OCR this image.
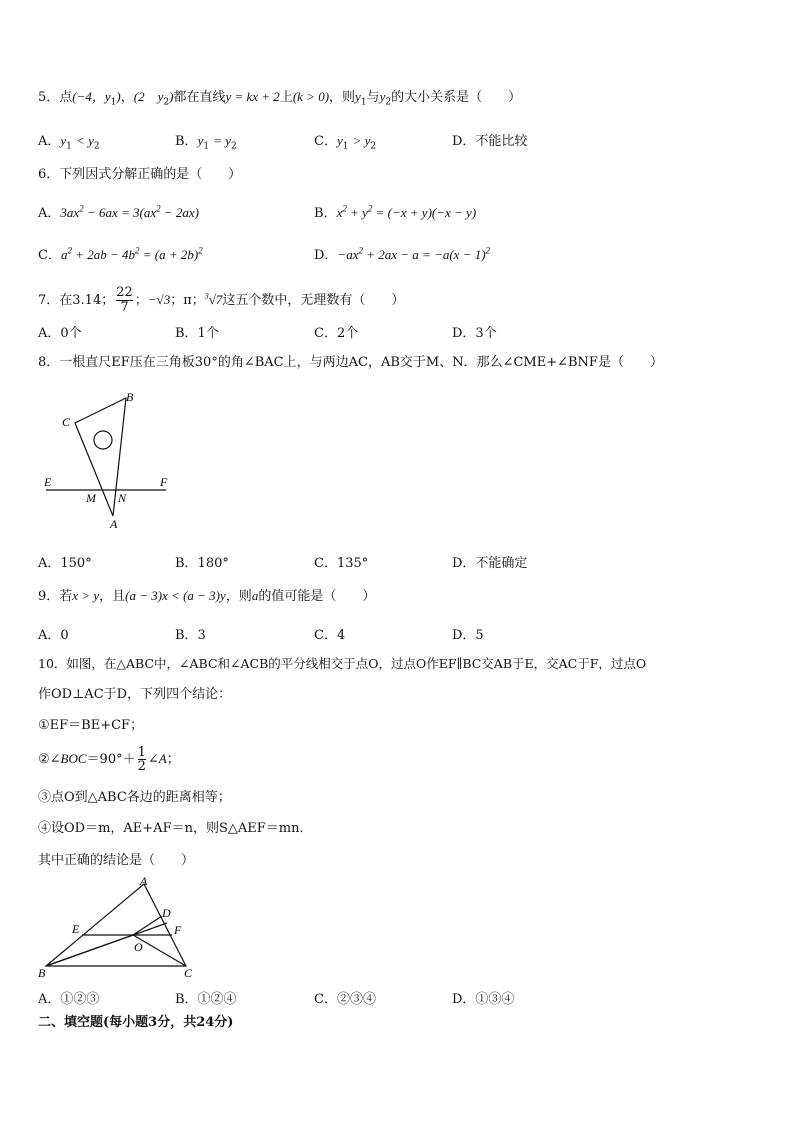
5．点(−4，$y_1$)，(2　$y_2$)都在直线y = kx + 2上(k > 0)，则$y_1$与$y_2$的大小关系是（　　）
A．$y_1 < y_2$	B．$y_1 = y_2$	C．$y_1 > y_2$	D．不能比较
6．下列因式分解正确的是（　　）
A．$3ax^2 - 6ax = 3(ax^2 - 2ax)$	B．$x^2 + y^2 = (-x + y)(-x - y)$
C．$a^2 + 2ab - 4b^2 = (a + 2b)^2$	D．$-ax^2 + 2ax - a = -a(x - 1)^2$
7．在3.14； $\frac{22}{7}$ ；−√3；π；$^3$√7这五个数中，无理数有（　　）
A．0个	B．1个	C．2个	D．3个
8．一根直尺EF压在三角板30°的角∠BAC上，与两边AC，AB交于M、N．那么∠CME+∠BNF是（　　）
B
C
E	F
M N
A
A．150°	B．180°	C．135°	D．不能确定
9．若x > y，且(a − 3)x < (a − 3)y，则a的值可能是（　　）
A．0	B．3	C．4	D．5
10．如图，在△ABC中，∠ABC和∠ACB的平分线相交于点O，过点O作EF∥BC交AB于E，交AC于F，过点O
作OD⊥AC于D，下列四个结论：
①EF＝BE+CF；
②∠BOC＝90°＋ $\frac{1}{2}$ ∠A；
③点O到△ABC各边的距离相等；
④设OD＝m，AE+AF＝n，则S△AEF＝mn．
其中正确的结论是（　　）
A
D
E	F
O
B	C
A．①②③	B．①②④	C．②③④	D．①③④
二、填空题(每小题3分，共24分)
